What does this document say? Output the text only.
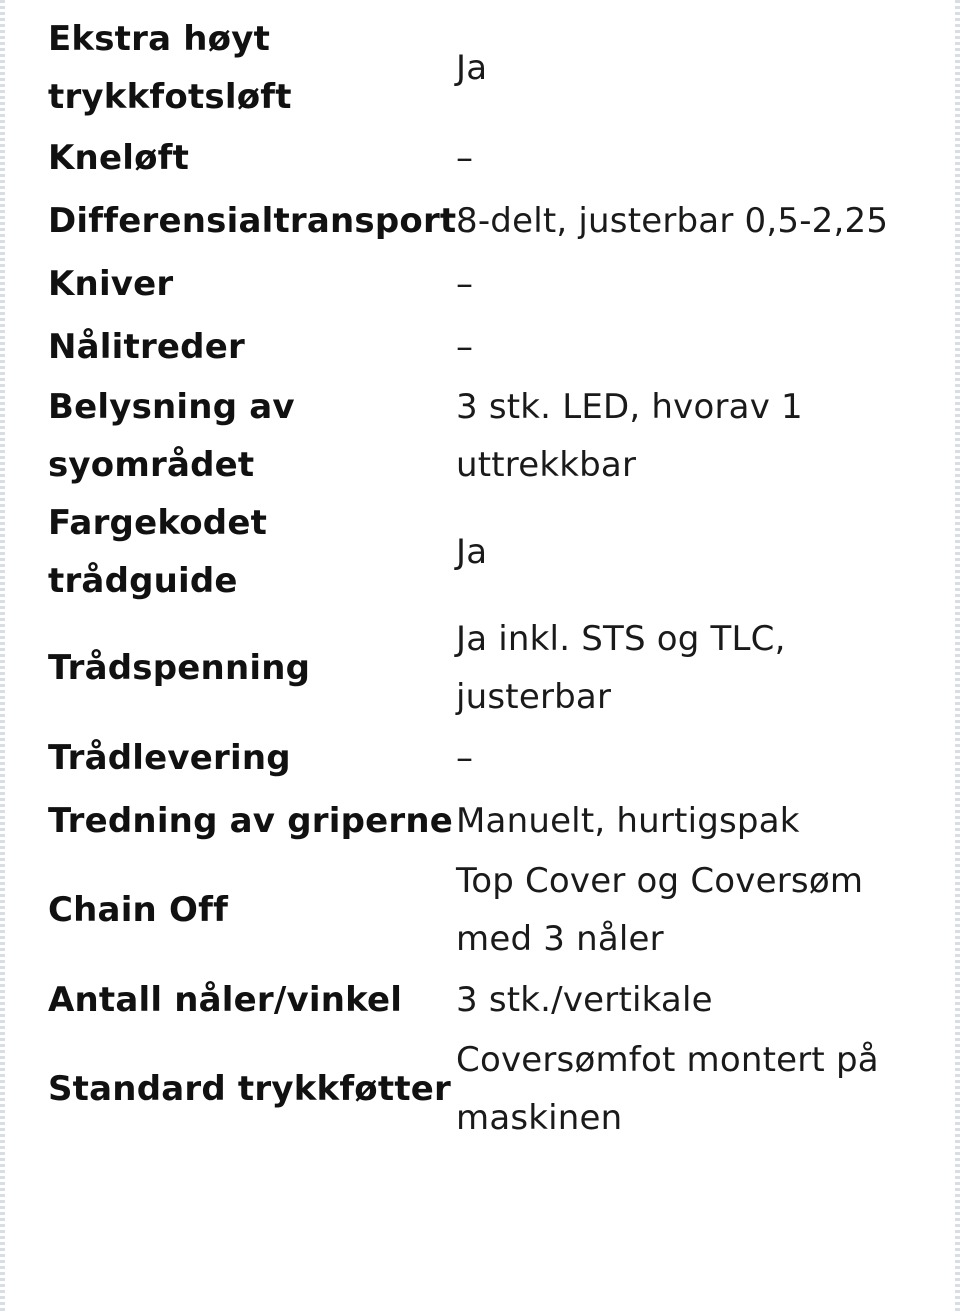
Ekstra høyt trykkfotsløft	Ja
Kneløft	–
Differensialtransport	8-delt, justerbar 0,5-2,25
Kniver	–
Nålitreder	–
Belysning av syområdet	3 stk. LED, hvorav 1 uttrekkbar
Fargekodet trådguide	Ja
Trådspenning	Ja inkl. STS og TLC, justerbar
Trådlevering	–
Tredning av griperne	Manuelt, hurtigspak
Chain Off	Top Cover og Coversøm med 3 nåler
Antall nåler/vinkel	3 stk./vertikale
Standard trykkføtter	Coversømfot montert på maskinen
